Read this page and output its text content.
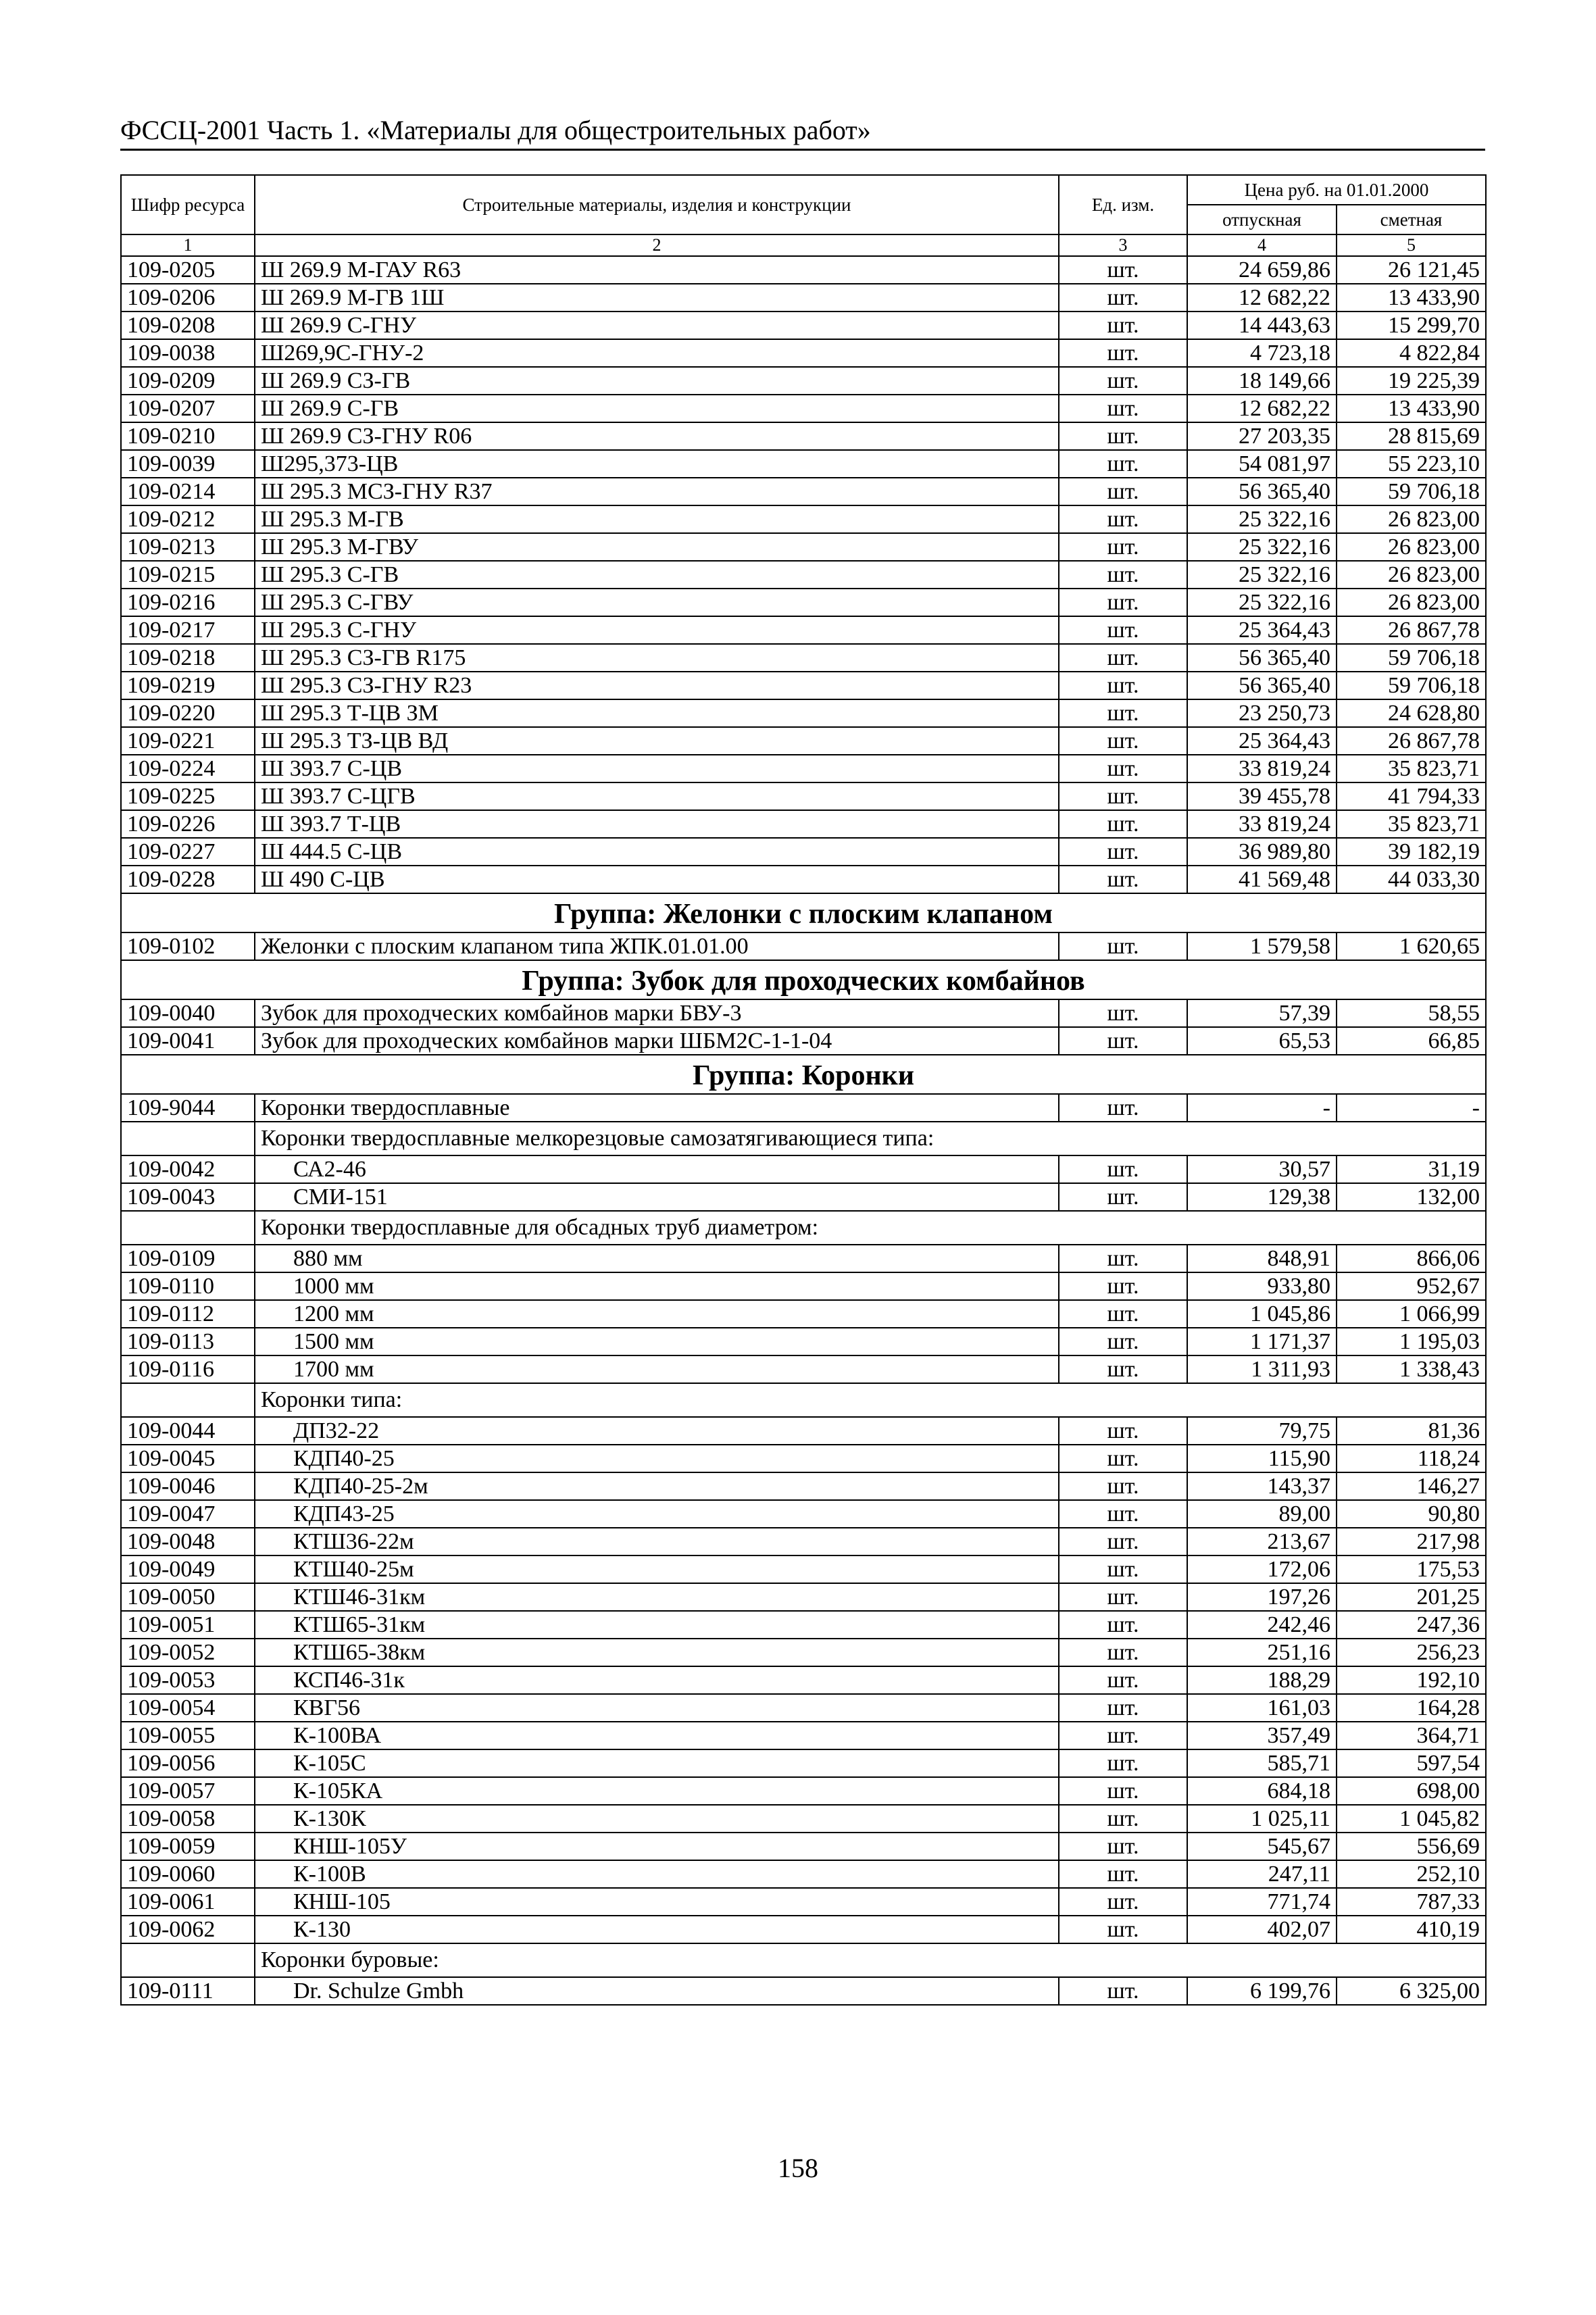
ФССЦ-2001 Часть 1. «Материалы для общестроительных работ»
Шифр ресурса	Строительные материалы, изделия и конструкции	Ед. изм.	Цена руб. на 01.01.2000	
			отпускная	сметная
1	2	3	4	5
109-0205	Ш 269.9 М-ГАУ R63	шт.	24 659,86	26 121,45
109-0206	Ш 269.9 М-ГВ 1Ш	шт.	12 682,22	13 433,90
109-0208	Ш 269.9 С-ГНУ	шт.	14 443,63	15 299,70
109-0038	Ш269,9С-ГНУ-2	шт.	4 723,18	4 822,84
109-0209	Ш 269.9 СЗ-ГВ	шт.	18 149,66	19 225,39
109-0207	Ш 269.9 С-ГВ	шт.	12 682,22	13 433,90
109-0210	Ш 269.9 СЗ-ГНУ R06	шт.	27 203,35	28 815,69
109-0039	Ш295,373-ЦВ	шт.	54 081,97	55 223,10
109-0214	Ш 295.3 МСЗ-ГНУ R37	шт.	56 365,40	59 706,18
109-0212	Ш 295.3 М-ГВ	шт.	25 322,16	26 823,00
109-0213	Ш 295.3 М-ГВУ	шт.	25 322,16	26 823,00
109-0215	Ш 295.3 С-ГВ	шт.	25 322,16	26 823,00
109-0216	Ш 295.3 С-ГВУ	шт.	25 322,16	26 823,00
109-0217	Ш 295.3 С-ГНУ	шт.	25 364,43	26 867,78
109-0218	Ш 295.3 СЗ-ГВ R175	шт.	56 365,40	59 706,18
109-0219	Ш 295.3 СЗ-ГНУ R23	шт.	56 365,40	59 706,18
109-0220	Ш 295.3 Т-ЦВ ЗМ	шт.	23 250,73	24 628,80
109-0221	Ш 295.3 ТЗ-ЦВ ВД	шт.	25 364,43	26 867,78
109-0224	Ш 393.7 С-ЦВ	шт.	33 819,24	35 823,71
109-0225	Ш 393.7 С-ЦГВ	шт.	39 455,78	41 794,33
109-0226	Ш 393.7 Т-ЦВ	шт.	33 819,24	35 823,71
109-0227	Ш 444.5 С-ЦВ	шт.	36 989,80	39 182,19
109-0228	Ш 490 С-ЦВ	шт.	41 569,48	44 033,30
Группа: Желонки с плоским клапаном				
109-0102	Желонки с плоским клапаном типа ЖПК.01.01.00	шт.	1 579,58	1 620,65
Группа: Зубок для проходческих комбайнов				
109-0040	Зубок для проходческих комбайнов марки БВУ-3	шт.	57,39	58,55
109-0041	Зубок для проходческих комбайнов марки ШБМ2С-1-1-04	шт.	65,53	66,85
Группа: Коронки				
109-9044	Коронки твердосплавные	шт.	-	-
	Коронки твердосплавные мелкорезцовые самозатягивающиеся типа:			
109-0042	СА2-46	шт.	30,57	31,19
109-0043	СМИ-151	шт.	129,38	132,00
	Коронки твердосплавные для обсадных труб диаметром:			
109-0109	880 мм	шт.	848,91	866,06
109-0110	1000 мм	шт.	933,80	952,67
109-0112	1200 мм	шт.	1 045,86	1 066,99
109-0113	1500 мм	шт.	1 171,37	1 195,03
109-0116	1700 мм	шт.	1 311,93	1 338,43
	Коронки типа:			
109-0044	ДП32-22	шт.	79,75	81,36
109-0045	КДП40-25	шт.	115,90	118,24
109-0046	КДП40-25-2м	шт.	143,37	146,27
109-0047	КДП43-25	шт.	89,00	90,80
109-0048	КТШ36-22м	шт.	213,67	217,98
109-0049	КТШ40-25м	шт.	172,06	175,53
109-0050	КТШ46-31км	шт.	197,26	201,25
109-0051	КТШ65-31км	шт.	242,46	247,36
109-0052	КТШ65-38км	шт.	251,16	256,23
109-0053	КСП46-31к	шт.	188,29	192,10
109-0054	КВГ56	шт.	161,03	164,28
109-0055	К-100ВА	шт.	357,49	364,71
109-0056	К-105С	шт.	585,71	597,54
109-0057	К-105КА	шт.	684,18	698,00
109-0058	К-130К	шт.	1 025,11	1 045,82
109-0059	КНШ-105У	шт.	545,67	556,69
109-0060	К-100В	шт.	247,11	252,10
109-0061	КНШ-105	шт.	771,74	787,33
109-0062	К-130	шт.	402,07	410,19
	Коронки буровые:			
109-0111	Dr. Schulze Gmbh	шт.	6 199,76	6 325,00
158
